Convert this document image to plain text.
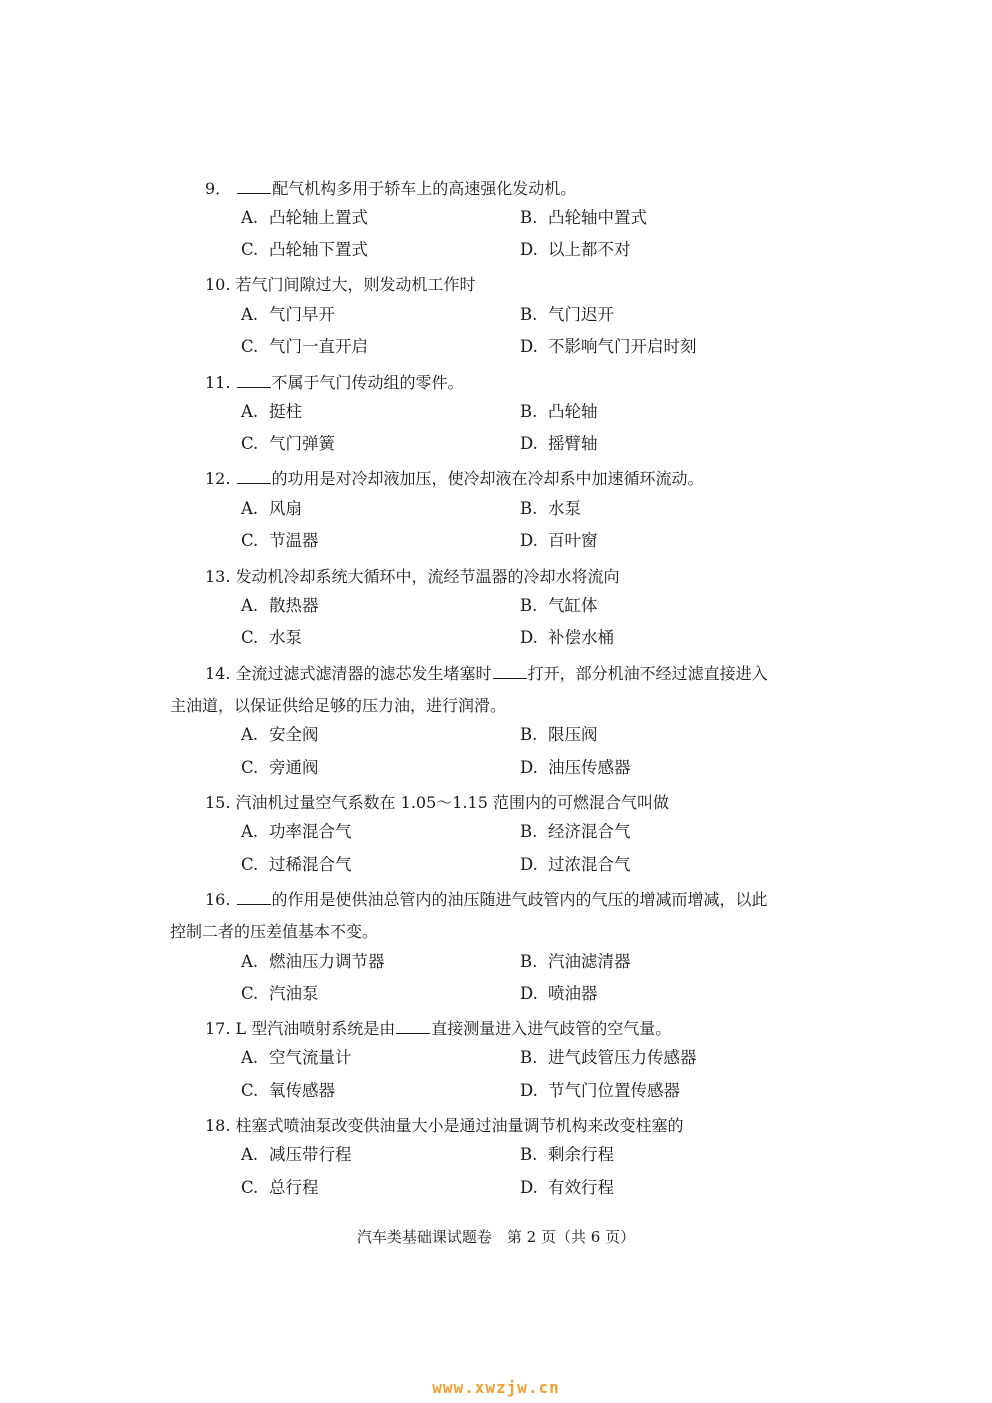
9．	配气机构多用于轿车上的高速强化发动机。
A. 凸轮轴上置式	B. 凸轮轴中置式
C. 凸轮轴下置式	D. 以上都不对
10. 若气门间隙过大，则发动机工作时
A. 气门早开	B. 气门迟开
C. 气门一直开启	D. 不影响气门开启时刻
11.	不属于气门传动组的零件。
A. 挺柱	B. 凸轮轴
C. 气门弹簧	D. 摇臂轴
12.	的功用是对冷却液加压，使冷却液在冷却系中加速循环流动。
A. 风扇	B. 水泵
C. 节温器	D. 百叶窗
13. 发动机冷却系统大循环中，流经节温器的冷却水将流向
A. 散热器	B. 气缸体
C. 水泵	D. 补偿水桶
14. 全流过滤式滤清器的滤芯发生堵塞时 打开，部分机油不经过滤直接进入
主油道，以保证供给足够的压力油，进行润滑。
A. 安全阀	B. 限压阀
C. 旁通阀	D. 油压传感器
15. 汽油机过量空气系数在 1.05～1.15 范围内的可燃混合气叫做
A. 功率混合气	B. 经济混合气
C. 过稀混合气	D. 过浓混合气
16.	的作用是使供油总管内的油压随进气歧管内的气压的增减而增减，以此
控制二者的压差值基本不变。
A. 燃油压力调节器	B. 汽油滤清器
C. 汽油泵	D. 喷油器
17. L 型汽油喷射系统是由 直接测量进入进气歧管的空气量。
A. 空气流量计	B. 进气歧管压力传感器
C. 氧传感器	D. 节气门位置传感器
18. 柱塞式喷油泵改变供油量大小是通过油量调节机构来改变柱塞的
A. 减压带行程	B. 剩余行程
C. 总行程	D. 有效行程
汽车类基础课试题卷　第 2 页（共 6 页）
www.xwzjw.cn
